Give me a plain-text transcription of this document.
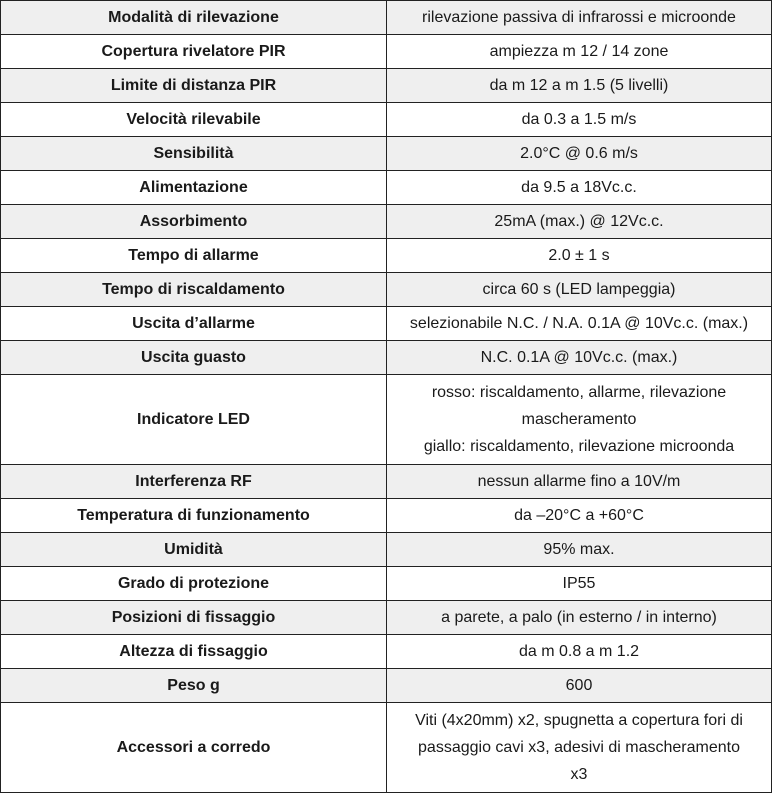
Modalità di rilevazione	rilevazione passiva di infrarossi e microonde
Copertura rivelatore PIR	ampiezza m 12 / 14 zone
Limite di distanza PIR	da m 12 a m 1.5 (5 livelli)
Velocità rilevabile	da 0.3 a 1.5 m/s
Sensibilità	2.0°C @ 0.6 m/s
Alimentazione	da 9.5 a 18Vc.c.
Assorbimento	25mA (max.) @ 12Vc.c.
Tempo di allarme	2.0 ± 1 s
Tempo di riscaldamento	circa 60 s (LED lampeggia)
Uscita d’allarme	selezionabile N.C. / N.A. 0.1A @ 10Vc.c. (max.)
Uscita guasto	N.C. 0.1A @ 10Vc.c. (max.)
Indicatore LED	rosso: riscaldamento, allarme, rilevazione
mascheramento
giallo: riscaldamento, rilevazione microonda
Interferenza RF	nessun allarme fino a 10V/m
Temperatura di funzionamento	da –20°C a +60°C
Umidità	95% max.
Grado di protezione	IP55
Posizioni di fissaggio	a parete, a palo (in esterno / in interno)
Altezza di fissaggio	da m 0.8 a m 1.2
Peso g	600
Accessori a corredo	Viti (4x20mm) x2, spugnetta a copertura fori di
passaggio cavi x3, adesivi di mascheramento
x3
